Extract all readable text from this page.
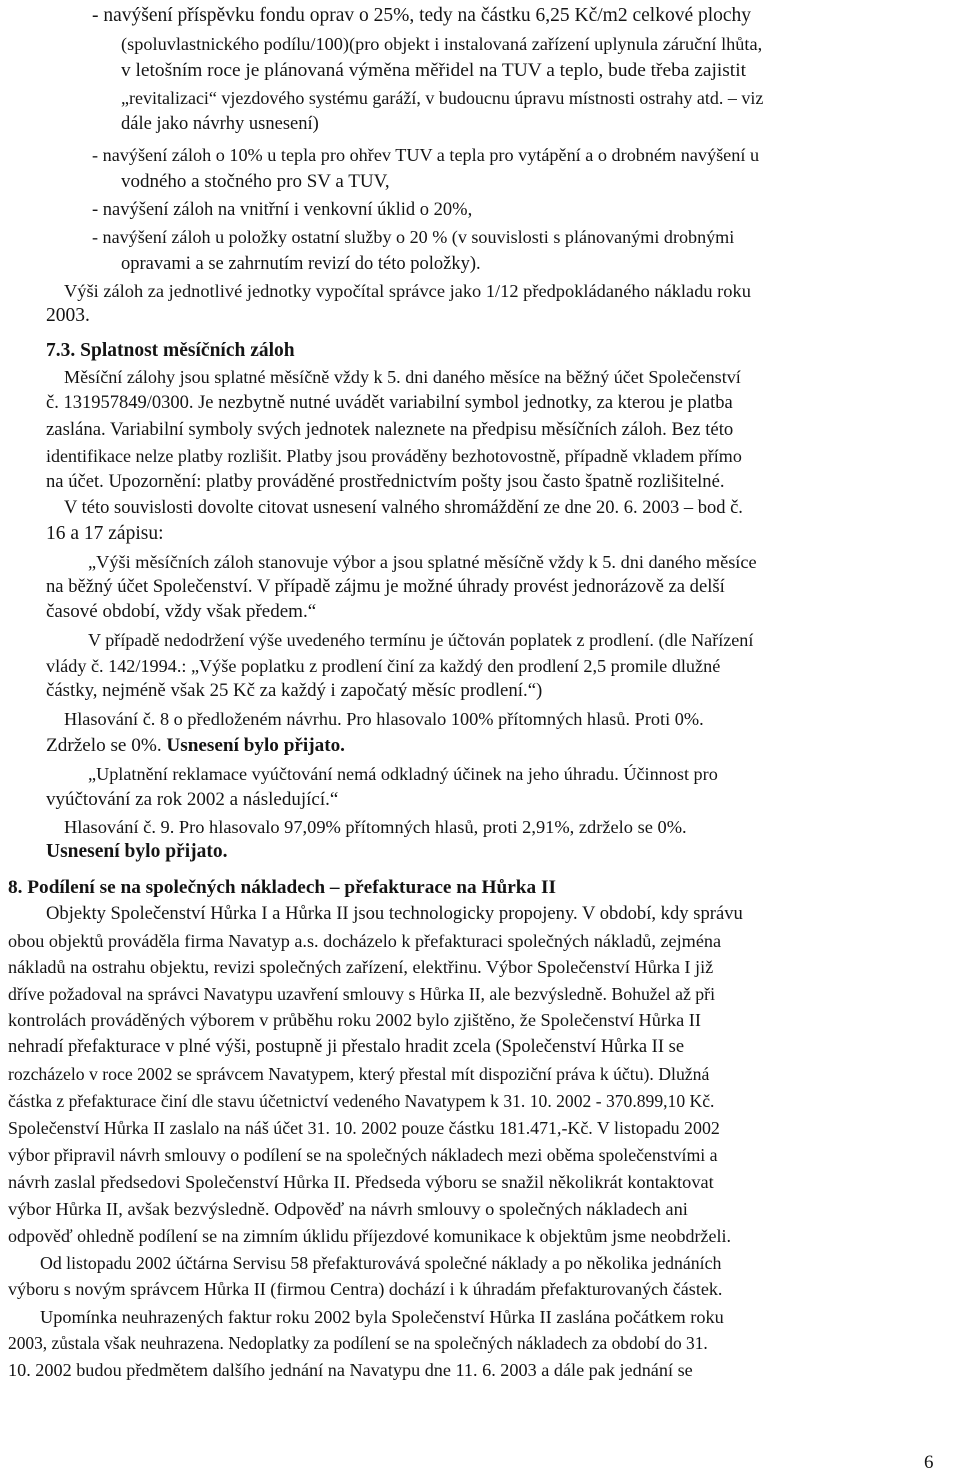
- navýšení příspěvku fondu oprav o 25%, tedy na částku 6,25 Kč/m2 celkové plochy

(spoluvlastnického podílu/100)(pro objekt i instalovaná zařízení uplynula záruční lhůta,

v letošním roce je plánovaná výměna měřidel na TUV a teplo, bude třeba zajistit

„revitalizaci“ vjezdového systému garáží, v budoucnu úpravu místnosti ostrahy atd. – viz

dále jako návrhy usnesení)

- navýšení záloh o 10% u tepla pro ohřev TUV a tepla pro vytápění a o drobném navýšení u

vodného a stočného pro SV a TUV,

- navýšení záloh na vnitřní i venkovní úklid o 20%,

- navýšení záloh u položky ostatní služby o 20 % (v souvislosti s plánovanými drobnými

opravami a se zahrnutím revizí do této položky).

Výši záloh za jednotlivé jednotky vypočítal správce jako 1/12 předpokládaného nákladu roku

2003.

7.3. Splatnost měsíčních záloh

Měsíční zálohy jsou splatné měsíčně vždy k 5. dni daného měsíce na běžný účet Společenství

č. 131957849/0300. Je nezbytně nutné uvádět variabilní symbol jednotky, za kterou je platba

zaslána. Variabilní symboly svých jednotek naleznete na předpisu měsíčních záloh. Bez této

identifikace nelze platby rozlišit. Platby jsou prováděny bezhotovostně, případně vkladem přímo

na účet. Upozornění: platby prováděné prostřednictvím pošty jsou často špatně rozlišitelné.

V této souvislosti dovolte citovat usnesení valného shromáždění ze dne 20. 6. 2003 – bod č.

16 a 17 zápisu:

„Výši měsíčních záloh stanovuje výbor a jsou splatné měsíčně vždy k 5. dni daného měsíce

na běžný účet Společenství. V případě zájmu je možné úhrady provést jednorázově za delší

časové období, vždy však předem.“

V případě nedodržení výše uvedeného termínu je účtován poplatek z prodlení. (dle Nařízení

vlády č. 142/1994.: „Výše poplatku z prodlení činí za každý den prodlení 2,5 promile dlužné

částky, nejméně však 25 Kč za každý i započatý měsíc prodlení.“)

Hlasování č. 8 o předloženém návrhu. Pro hlasovalo 100% přítomných hlasů. Proti 0%.

Zdrželo se 0%. Usnesení bylo přijato.

„Uplatnění reklamace vyúčtování nemá odkladný účinek na jeho úhradu. Účinnost pro

vyúčtování za rok 2002 a následující.“

Hlasování č. 9. Pro hlasovalo 97,09% přítomných hlasů, proti 2,91%, zdrželo se 0%.

Usnesení bylo přijato.

8. Podílení se na společných nákladech – přefakturace na Hůrka II

Objekty Společenství Hůrka I a Hůrka II jsou technologicky propojeny. V období, kdy správu

obou objektů prováděla firma Navatyp a.s. docházelo k přefakturaci společných nákladů, zejména

nákladů na ostrahu objektu, revizi společných zařízení, elektřinu. Výbor Společenství Hůrka I již

dříve požadoval na správci Navatypu uzavření smlouvy s Hůrka II, ale bezvýsledně. Bohužel až při

kontrolách prováděných výborem v průběhu roku 2002 bylo zjištěno, že Společenství Hůrka II

nehradí přefakturace v plné výši, postupně ji přestalo hradit zcela (Společenství Hůrka II se

rozcházelo v roce 2002 se správcem Navatypem, který přestal mít dispoziční práva k účtu). Dlužná

částka z přefakturace činí dle stavu účetnictví vedeného Navatypem k 31. 10. 2002 - 370.899,10 Kč.

Společenství Hůrka II zaslalo na náš účet 31. 10. 2002 pouze částku 181.471,-Kč. V listopadu 2002

výbor připravil návrh smlouvy o podílení se na společných nákladech mezi oběma společenstvími a

návrh zaslal předsedovi Společenství Hůrka II. Předseda výboru se snažil několikrát kontaktovat

výbor Hůrka II, avšak bezvýsledně. Odpověď na návrh smlouvy o společných nákladech ani

odpověď ohledně podílení se na zimním úklidu příjezdové komunikace k objektům jsme neobdrželi.

Od listopadu 2002 účtárna Servisu 58 přefakturovává společné náklady a po několika jednáních

výboru s novým správcem Hůrka II (firmou Centra) dochází i k úhradám přefakturovaných částek.

Upomínka neuhrazených faktur roku 2002 byla Společenství Hůrka II zaslána počátkem roku

2003, zůstala však neuhrazena. Nedoplatky za podílení se na společných nákladech za období do 31.

10. 2002 budou předmětem dalšího jednání na Navatypu dne 11. 6. 2003 a dále pak jednání se

6
